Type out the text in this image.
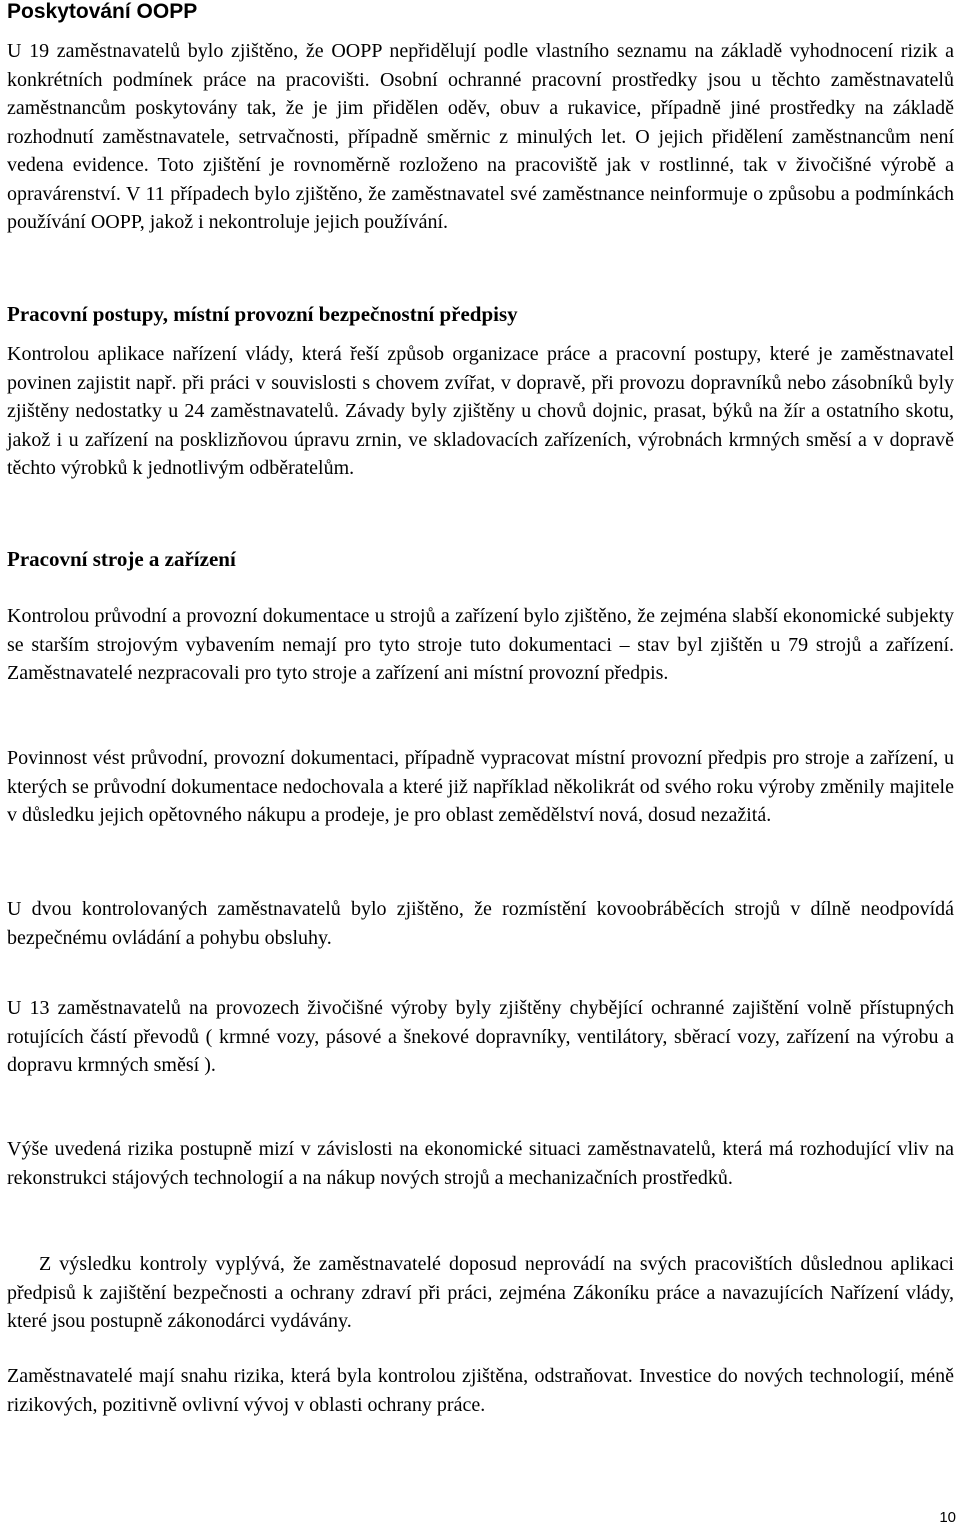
Poskytování OOPP

U 19 zaměstnavatelů bylo zjištěno, že OOPP nepřidělují podle vlastního seznamu na základě vyhodnocení rizik a konkrétních podmínek práce na pracovišti. Osobní ochranné pracovní prostředky jsou u těchto zaměstnavatelů zaměstnancům poskytovány tak, že je jim přidělen oděv, obuv a rukavice, případně jiné prostředky na základě rozhodnutí zaměstnavatele, setrvačnosti, případně směrnic z minulých let. O jejich přidělení zaměstnancům není vedena evidence. Toto zjištění je rovnoměrně rozloženo na pracoviště jak v rostlinné, tak v živočišné výrobě a opravárenství. V 11 případech bylo zjištěno, že zaměstnavatel své zaměstnance neinformuje o způsobu a podmínkách používání OOPP, jakož i nekontroluje jejich používání.

Pracovní postupy, místní provozní bezpečnostní předpisy

Kontrolou aplikace nařízení vlády, která řeší způsob organizace práce a pracovní postupy, které je zaměstnavatel povinen zajistit např. při práci v souvislosti s chovem zvířat, v dopravě, při provozu dopravníků nebo zásobníků byly zjištěny nedostatky u 24 zaměstnavatelů. Závady byly zjištěny u chovů dojnic, prasat, býků na žír a ostatního skotu, jakož i u zařízení na posklizňovou úpravu zrnin, ve skladovacích zařízeních, výrobnách krmných směsí a v dopravě těchto výrobků k jednotlivým odběratelům.

Pracovní stroje a zařízení

Kontrolou průvodní a provozní dokumentace u strojů a zařízení bylo zjištěno, že zejména slabší ekonomické subjekty se starším strojovým vybavením nemají pro tyto stroje tuto dokumentaci – stav byl zjištěn u 79 strojů a zařízení. Zaměstnavatelé nezpracovali pro tyto stroje a zařízení ani místní provozní předpis.

Povinnost vést průvodní, provozní dokumentaci, případně vypracovat místní provozní předpis pro stroje a zařízení, u kterých se průvodní dokumentace nedochovala a které již například několikrát od svého roku výroby změnily majitele v důsledku jejich opětovného nákupu a prodeje, je pro oblast zemědělství nová, dosud nezažitá.

U dvou kontrolovaných zaměstnavatelů bylo zjištěno, že rozmístění kovoobráběcích strojů v dílně neodpovídá bezpečnému ovládání a pohybu obsluhy.

U 13 zaměstnavatelů na provozech živočišné výroby byly zjištěny chybějící ochranné zajištění volně přístupných rotujících částí převodů ( krmné vozy, pásové a šnekové dopravníky, ventilátory, sběrací vozy, zařízení na výrobu a dopravu krmných směsí ).

Výše uvedená rizika postupně mizí v závislosti na ekonomické situaci zaměstnavatelů, která má rozhodující vliv na rekonstrukci stájových technologií a na nákup nových strojů a mechanizačních prostředků.

Z výsledku kontroly vyplývá, že zaměstnavatelé doposud neprovádí na svých pracovištích důslednou aplikaci předpisů k zajištění bezpečnosti a ochrany zdraví při práci, zejména Zákoníku práce a navazujících Nařízení vlády, které jsou postupně zákonodárci vydávány.

Zaměstnavatelé mají snahu rizika, která byla kontrolou zjištěna, odstraňovat. Investice do nových technologií, méně rizikových, pozitivně ovlivní vývoj v oblasti ochrany práce.

10
